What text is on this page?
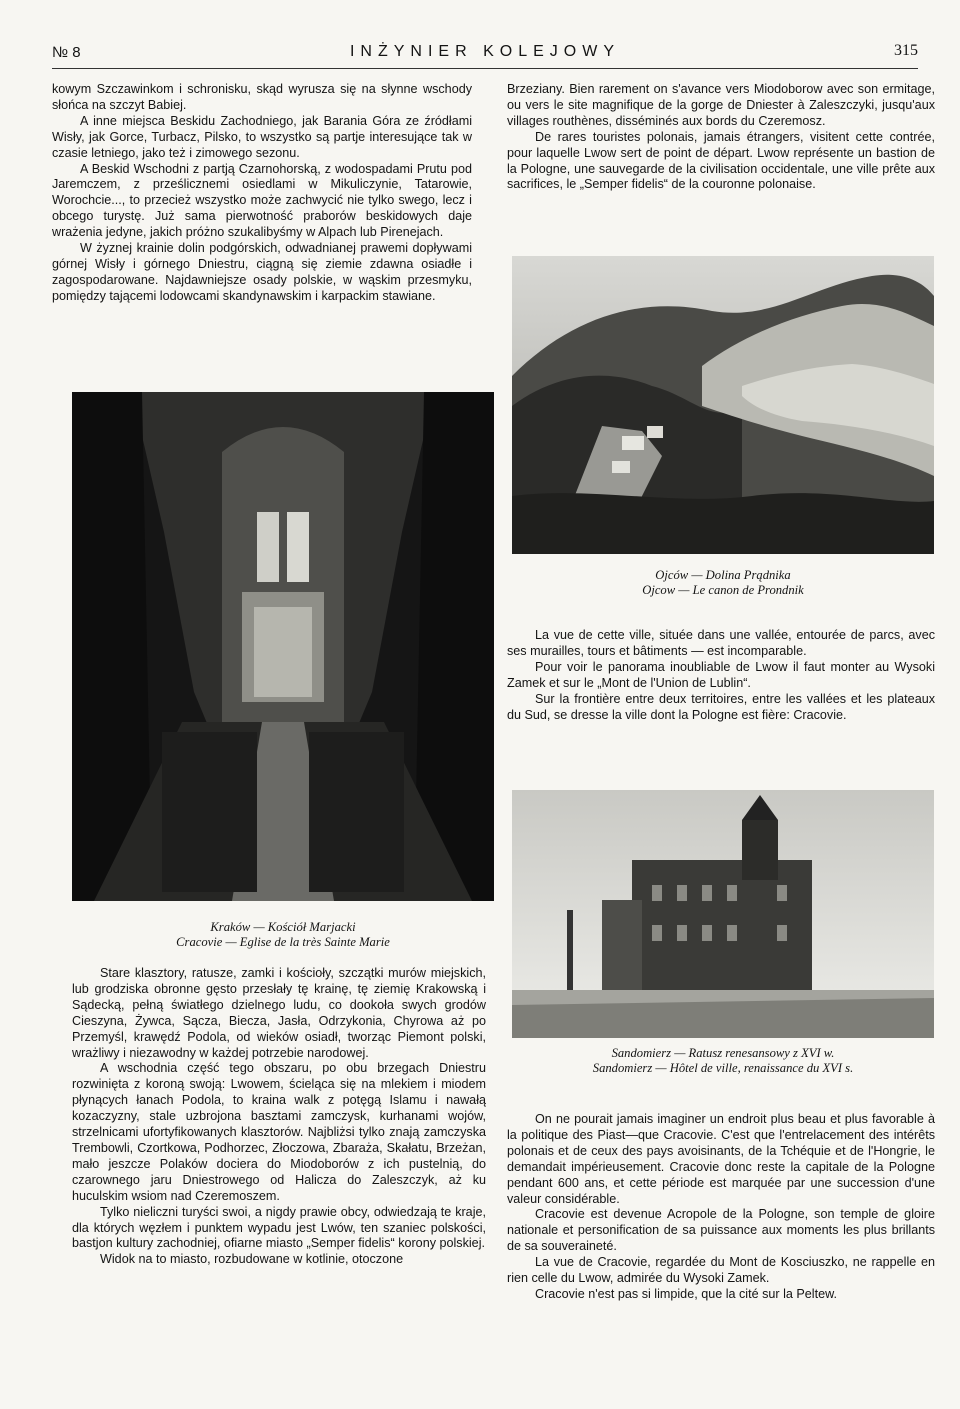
№ 8	INŻYNIER KOLEJOWY	315

kowym Szczawinkom i schronisku, skąd wyrusza się na słynne wschody słońca na szczyt Babiej.

A inne miejsca Beskidu Zachodniego, jak Barania Góra ze źródłami Wisły, jak Gorce, Turbacz, Pilsko, to wszystko są partje interesujące tak w czasie letniego, jako też i zimowego sezonu.

A Beskid Wschodni z partją Czarnohorską, z wodospadami Prutu pod Jaremczem, z prześlicznemi osiedlami w Mikuliczynie, Tatarowie, Worochcie..., to przecież wszystko może zachwycić nie tylko swego, lecz i obcego turystę. Już sama pierwotność praborów beskidowych daje wrażenia jedyne, jakich próżno szukalibyśmy w Alpach lub Pirenejach.

W żyznej krainie dolin podgórskich, odwadnianej prawemi dopływami górnej Wisły i górnego Dniestru, ciągną się ziemie zdawna osiadłe i zagospodarowane. Najdawniejsze osady polskie, w wąskim przesmyku, pomiędzy tającemi lodowcami skandynawskim i karpackim stawiane.

Brzeziany. Bien rarement on s'avance vers Miodoborow avec son ermitage, ou vers le site magnifique de la gorge de Dniester à Zaleszczyki, jusqu'aux villages routhènes, disséminés aux bords du Czeremosz.

De rares touristes polonais, jamais étrangers, visitent cette contrée, pour laquelle Lwow sert de point de départ. Lwow représente un bastion de la Pologne, une sauvegarde de la civilisation occidentale, une ville prête aux sacrifices, le „Semper fidelis“ de la couronne polonaise.

Ojców — Dolina Prądnika
Ojcow — Le canon de Prondnik

La vue de cette ville, située dans une vallée, entourée de parcs, avec ses murailles, tours et bâtiments — est incomparable.

Pour voir le panorama inoubliable de Lwow il faut monter au Wysoki Zamek et sur le „Mont de l'Union de Lublin“.

Sur la frontière entre deux territoires, entre les vallées et les plateaux du Sud, se dresse la ville dont la Pologne est fière: Cracovie.

Kraków — Kościół Marjacki
Cracovie — Eglise de la très Sainte Marie
Sandomierz — Ratusz renesansowy z XVI w.
Sandomierz — Hôtel de ville, renaissance du XVI s.

Stare klasztory, ratusze, zamki i kościoły, szczątki murów miejskich, lub grodziska obronne gęsto przesłały tę krainę, tę ziemię Krakowską i Sądecką, pełną światłego dzielnego ludu, co dookoła swych grodów Cieszyna, Żywca, Sącza, Biecza, Jasła, Odrzykonia, Chyrowa aż po Przemyśl, krawędź Podola, od wieków osiadł, tworząc Piemont polski, wrażliwy i niezawodny w każdej potrzebie narodowej.

A wschodnia część tego obszaru, po obu brzegach Dniestru rozwinięta z koroną swoją: Lwowem, ścieląca się na mlekiem i miodem płynących łanach Podola, to kraina walk z potęgą Islamu i nawałą kozaczyzny, stale uzbrojona basztami zamczysk, kurhanami wojów, strzelnicami ufortyfikowanych klasztorów. Najbliżsi tylko znają zamczyska Trembowli, Czortkowa, Podhorzec, Złoczowa, Zbaraża, Skałatu, Brzeżan, mało jeszcze Polaków dociera do Miodoborów z ich pustelnią, do czarownego jaru Dniestrowego od Halicza do Zaleszczyk, aż ku huculskim wsiom nad Czeremoszem.

Tylko nieliczni turyści swoi, a nigdy prawie obcy, odwiedzają te kraje, dla których węzłem i punktem wypadu jest Lwów, ten szaniec polskości, bastjon kultury zachodniej, ofiarne miasto „Semper fidelis“ korony polskiej.

Widok na to miasto, rozbudowane w kotlinie, otoczone

On ne pourait jamais imaginer un endroit plus beau et plus favorable à la politique des Piast—que Cracovie. C'est que l'entrelacement des intérêts polonais et de ceux des pays avoisinants, de la Tchéquie et de l'Hongrie, le demandait impérieusement. Cracovie donc reste la capitale de la Pologne pendant 600 ans, et cette période est marquée par une succession d'une valeur considérable.

Cracovie est devenue Acropole de la Pologne, son temple de gloire nationale et personification de sa puissance aux moments les plus brillants de sa souveraineté.

La vue de Cracovie, regardée du Mont de Kosciuszko, ne rappelle en rien celle du Lwow, admirée du Wysoki Zamek.

Cracovie n'est pas si limpide, que la cité sur la Peltew.
